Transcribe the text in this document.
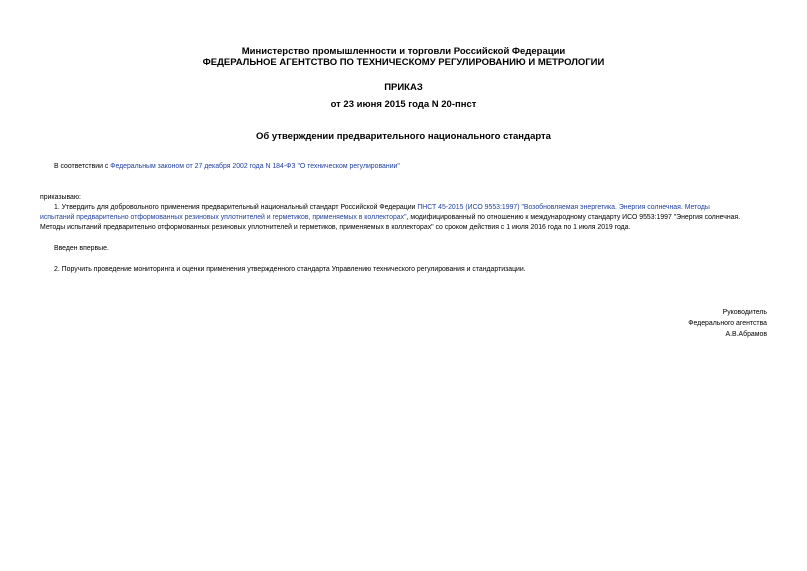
Министерство промышленности и торговли Российской Федерации
ФЕДЕРАЛЬНОЕ АГЕНТСТВО ПО ТЕХНИЧЕСКОМУ РЕГУЛИРОВАНИЮ И МЕТРОЛОГИИ
ПРИКАЗ
от 23 июня 2015 года N 20-пнст
Об утверждении предварительного национального стандарта
В соответствии с Федеральным законом от 27 декабря 2002 года N 184-ФЗ "О техническом регулировании"
приказываю:
1. Утвердить для добровольного применения предварительный национальный стандарт Российской Федерации ПНСТ 45-2015 (ИСО 9553:1997) "Возобновляемая энергетика. Энергия солнечная. Методы
испытаний предварительно отформованных резиновых уплотнителей и герметиков, применяемых в коллекторах", модифицированный по отношению к международному стандарту ИСО 9553:1997 "Энергия солнечная.
Методы испытаний предварительно отформованных резиновых уплотнителей и герметиков, применяемых в коллекторах" со сроком действия с 1 июля 2016 года по 1 июля 2019 года.
Введен впервые.
2. Поручить проведение мониторинга и оценки применения утвержденного стандарта Управлению технического регулирования и стандартизации.
Руководитель
Федерального агентства
А.В.Абрамов
